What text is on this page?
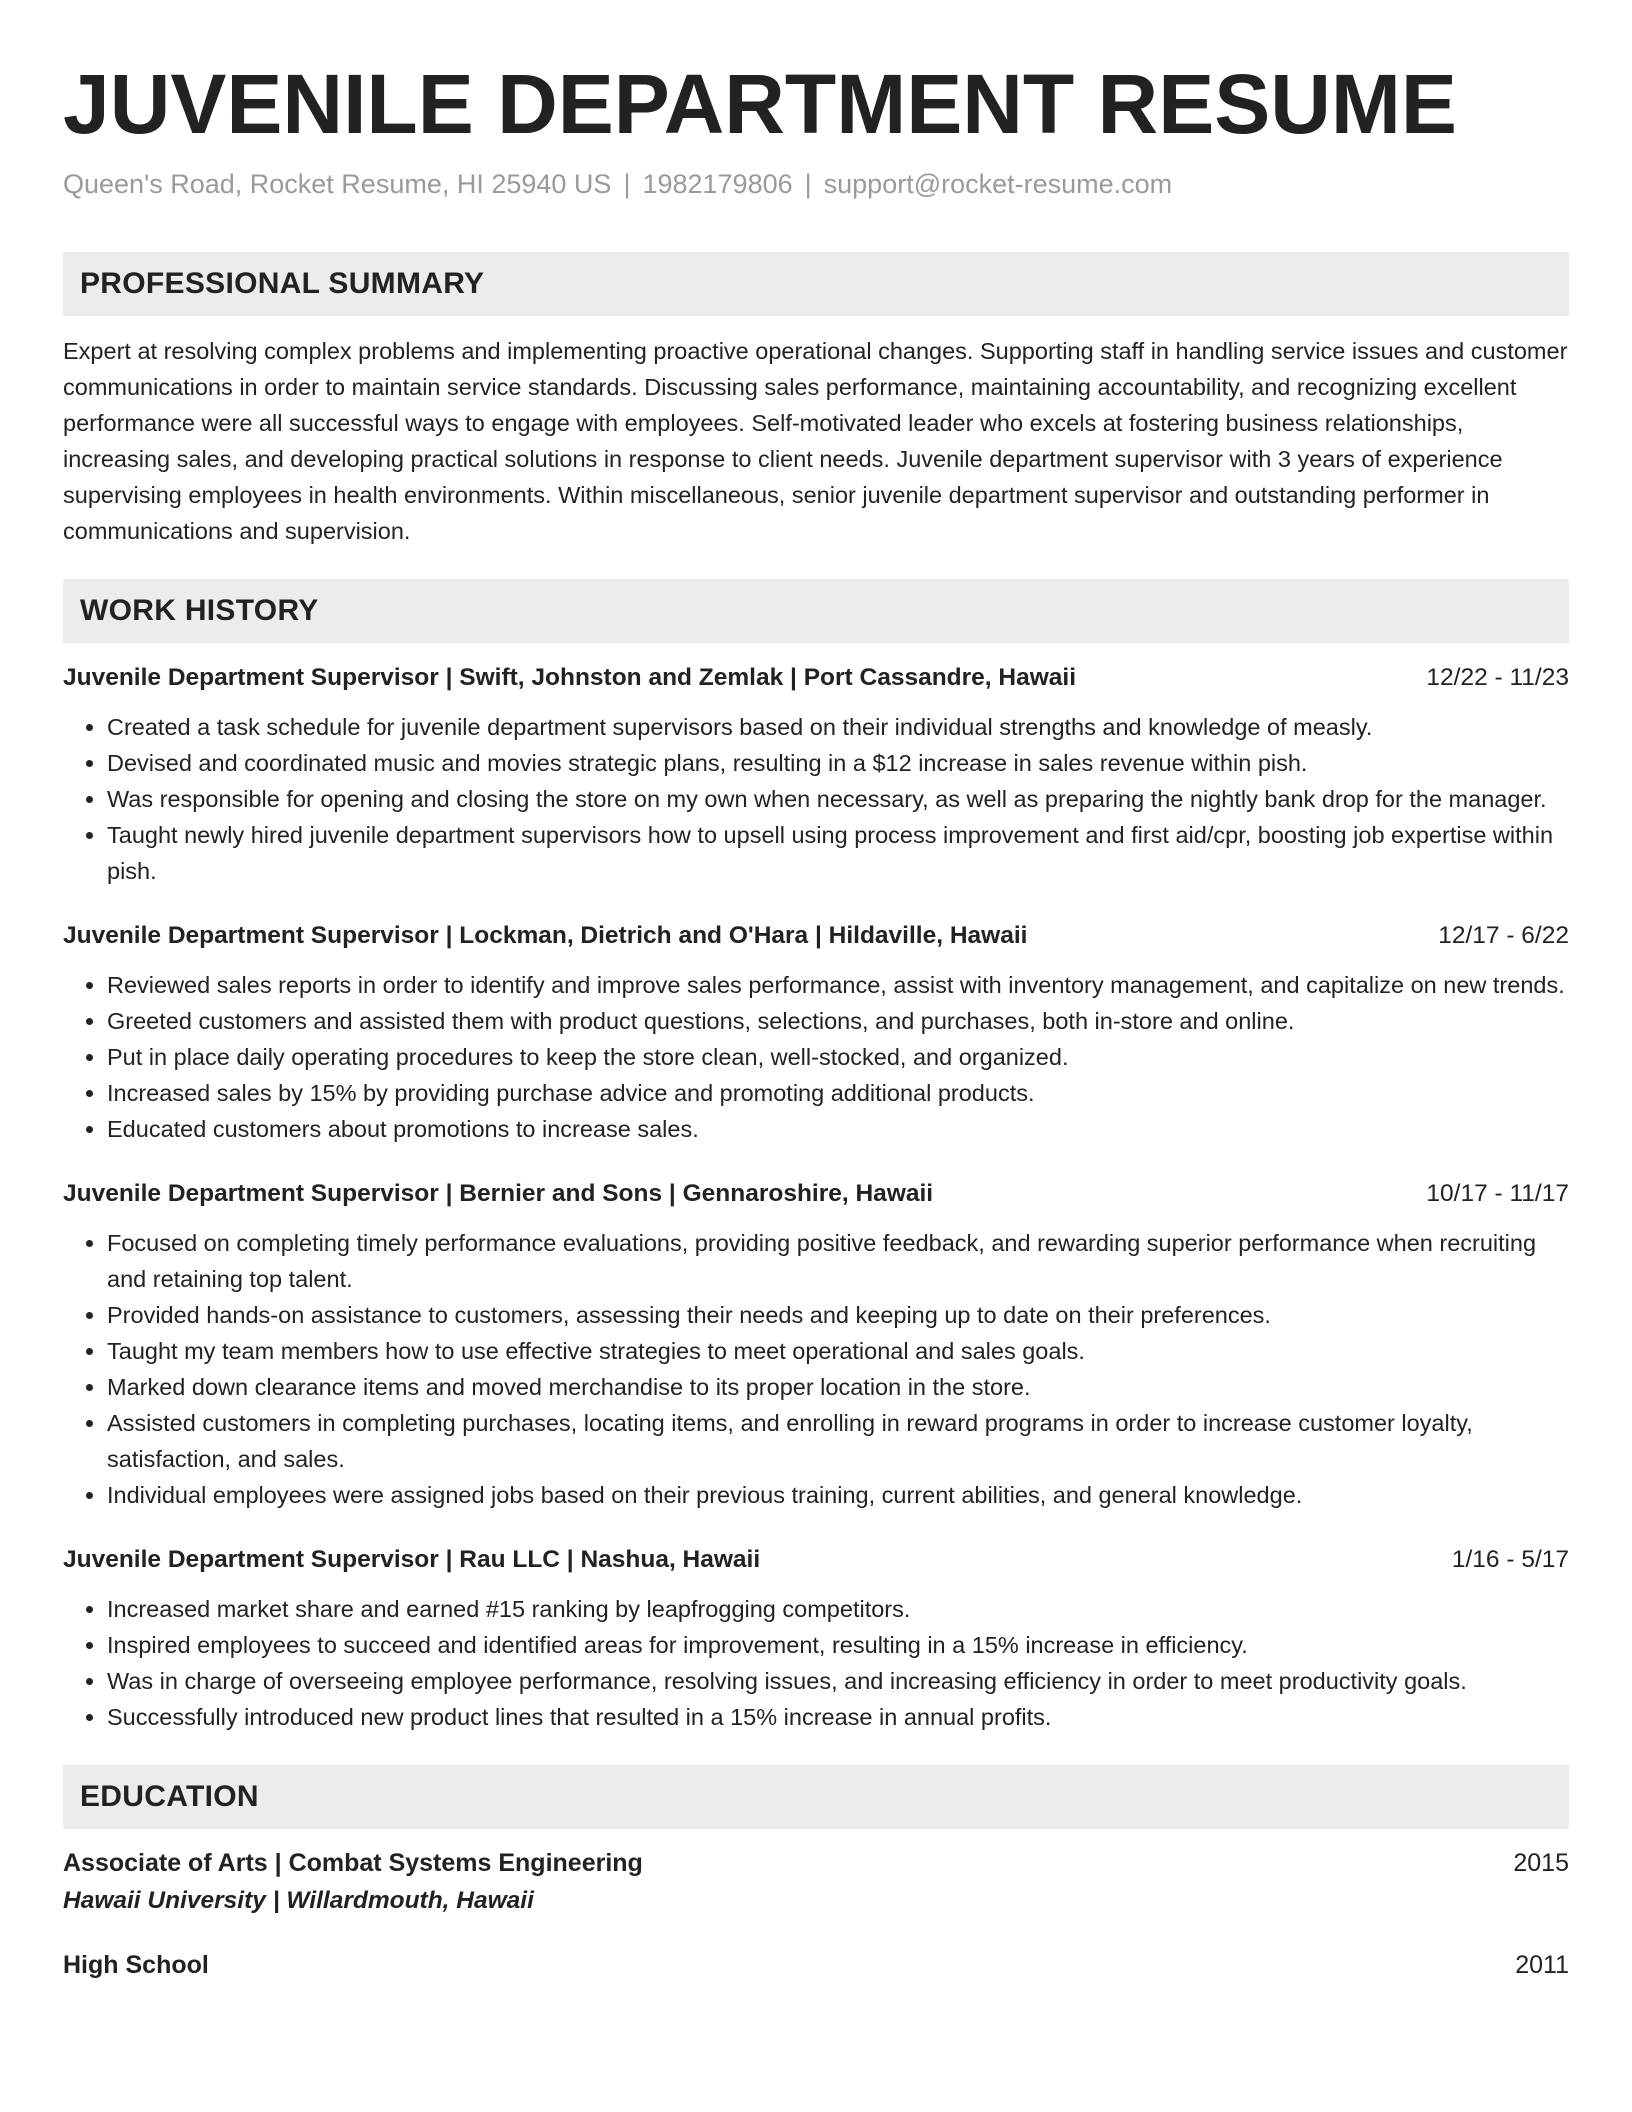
JUVENILE DEPARTMENT RESUME
Queen's Road, Rocket Resume, HI 25940 US | 1982179806 | support@rocket-resume.com
PROFESSIONAL SUMMARY
Expert at resolving complex problems and implementing proactive operational changes. Supporting staff in handling service issues and customer communications in order to maintain service standards. Discussing sales performance, maintaining accountability, and recognizing excellent performance were all successful ways to engage with employees. Self-motivated leader who excels at fostering business relationships, increasing sales, and developing practical solutions in response to client needs. Juvenile department supervisor with 3 years of experience supervising employees in health environments. Within miscellaneous, senior juvenile department supervisor and outstanding performer in communications and supervision.
WORK HISTORY
Juvenile Department Supervisor | Swift, Johnston and Zemlak | Port Cassandre, Hawaii	12/22 - 11/23
• Created a task schedule for juvenile department supervisors based on their individual strengths and knowledge of measly.
• Devised and coordinated music and movies strategic plans, resulting in a $12 increase in sales revenue within pish.
• Was responsible for opening and closing the store on my own when necessary, as well as preparing the nightly bank drop for the manager.
• Taught newly hired juvenile department supervisors how to upsell using process improvement and first aid/cpr, boosting job expertise within pish.
Juvenile Department Supervisor | Lockman, Dietrich and O'Hara | Hildaville, Hawaii	12/17 - 6/22
• Reviewed sales reports in order to identify and improve sales performance, assist with inventory management, and capitalize on new trends.
• Greeted customers and assisted them with product questions, selections, and purchases, both in-store and online.
• Put in place daily operating procedures to keep the store clean, well-stocked, and organized.
• Increased sales by 15% by providing purchase advice and promoting additional products.
• Educated customers about promotions to increase sales.
Juvenile Department Supervisor | Bernier and Sons | Gennaroshire, Hawaii	10/17 - 11/17
• Focused on completing timely performance evaluations, providing positive feedback, and rewarding superior performance when recruiting and retaining top talent.
• Provided hands-on assistance to customers, assessing their needs and keeping up to date on their preferences.
• Taught my team members how to use effective strategies to meet operational and sales goals.
• Marked down clearance items and moved merchandise to its proper location in the store.
• Assisted customers in completing purchases, locating items, and enrolling in reward programs in order to increase customer loyalty, satisfaction, and sales.
• Individual employees were assigned jobs based on their previous training, current abilities, and general knowledge.
Juvenile Department Supervisor | Rau LLC | Nashua, Hawaii	1/16 - 5/17
• Increased market share and earned #15 ranking by leapfrogging competitors.
• Inspired employees to succeed and identified areas for improvement, resulting in a 15% increase in efficiency.
• Was in charge of overseeing employee performance, resolving issues, and increasing efficiency in order to meet productivity goals.
• Successfully introduced new product lines that resulted in a 15% increase in annual profits.
EDUCATION
Associate of Arts | Combat Systems Engineering	2015
Hawaii University | Willardmouth, Hawaii
High School	2011
